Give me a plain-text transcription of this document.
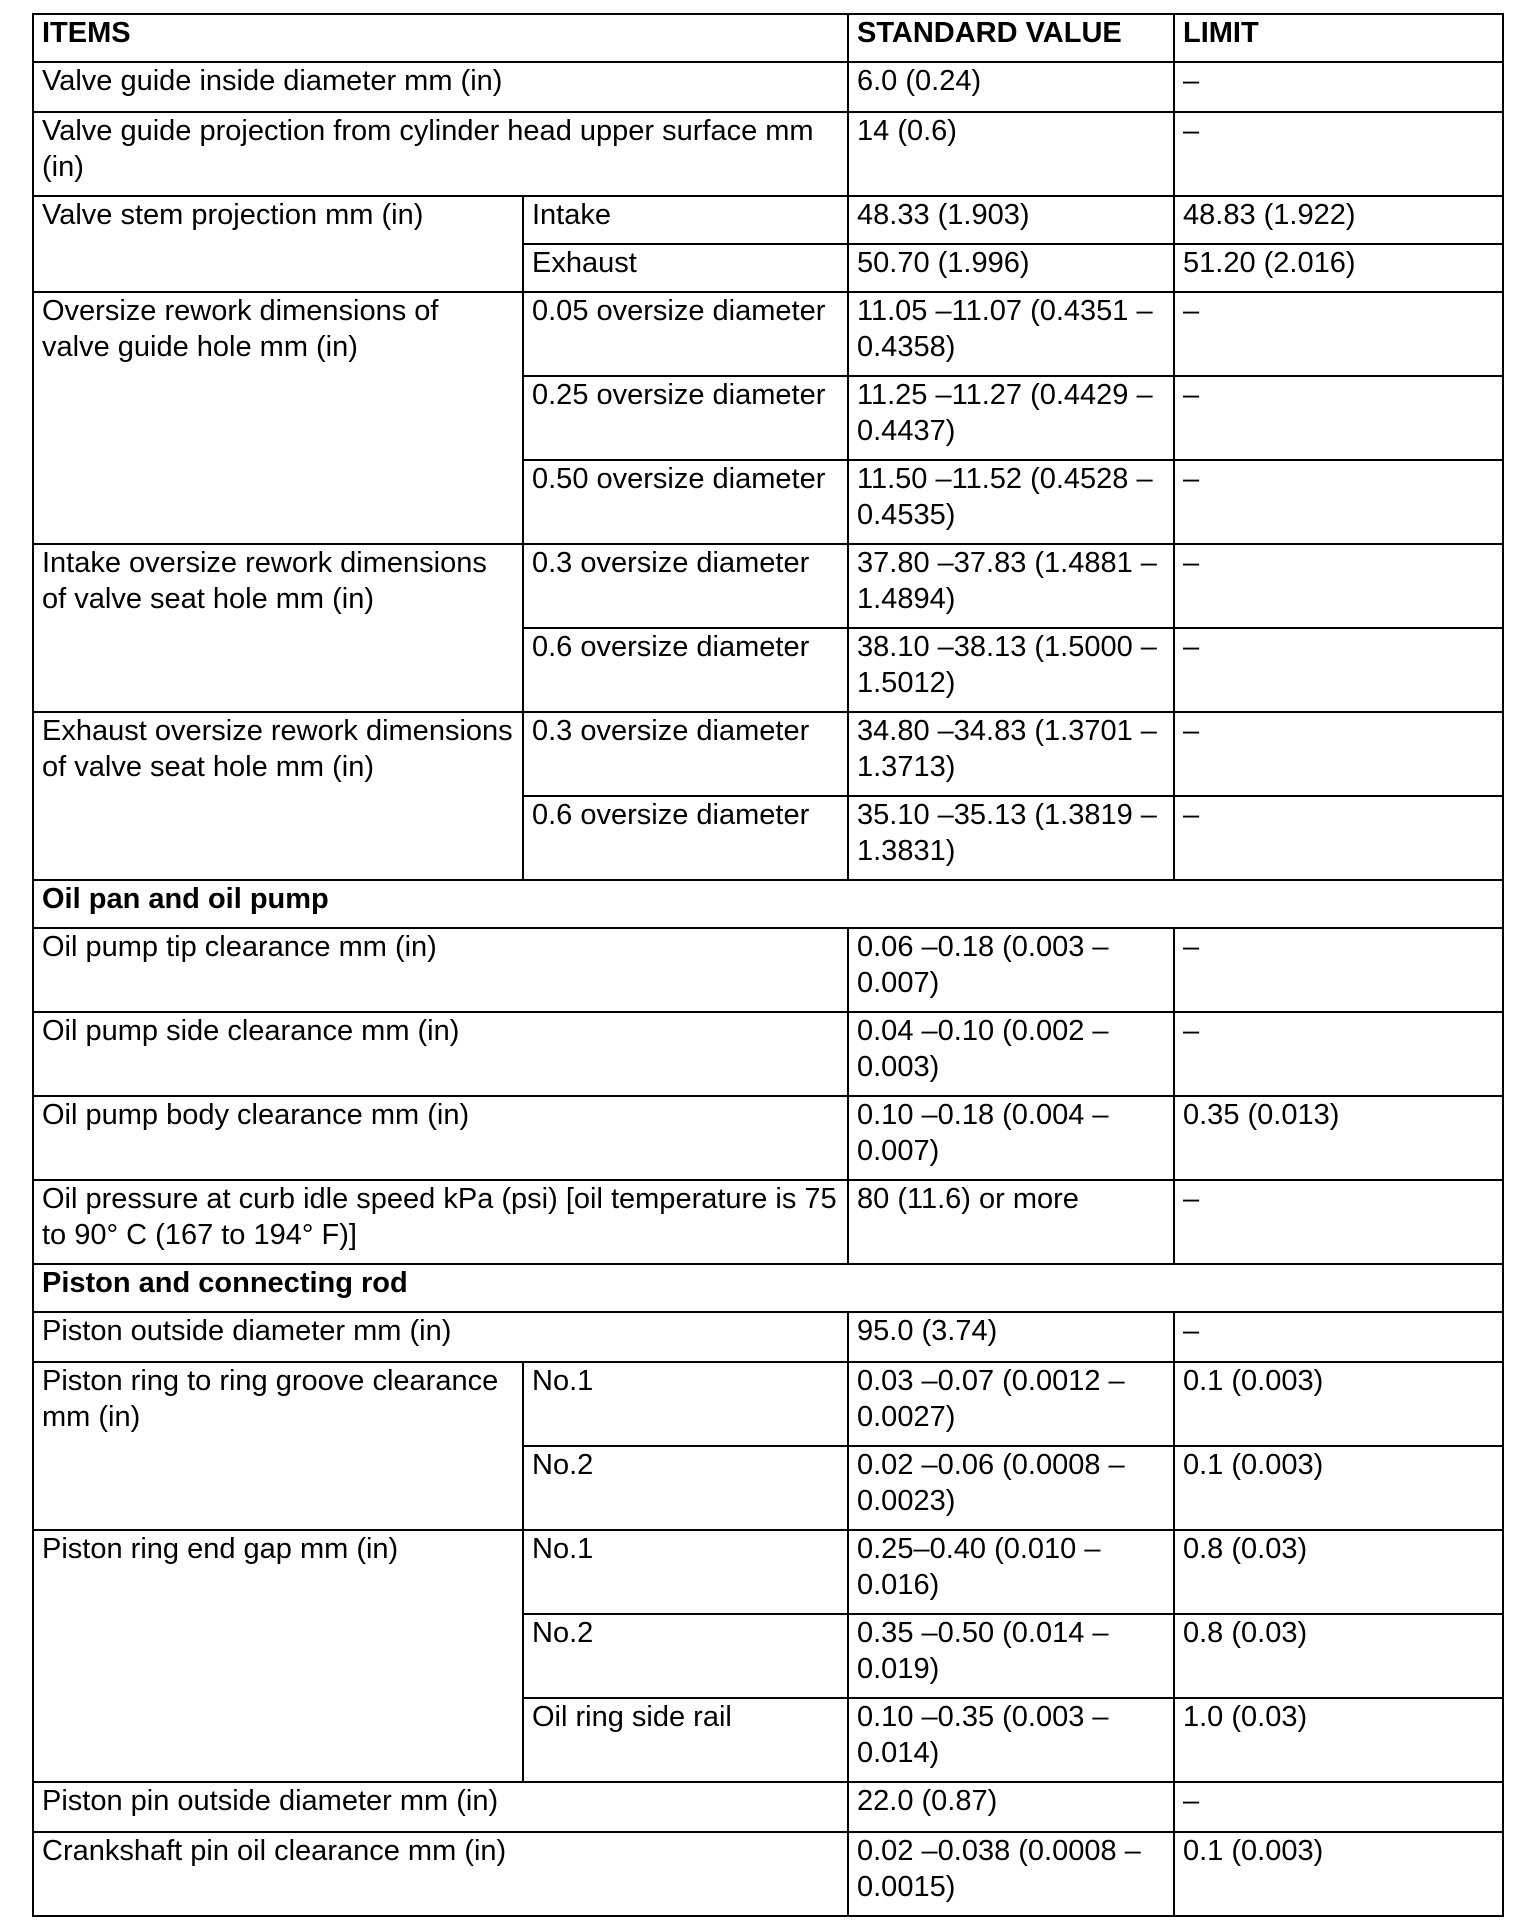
ITEMS		STANDARD VALUE	LIMIT
Valve guide inside diameter mm (in)		6.0 (0.24)	–
Valve guide projection from cylinder head upper surface mm (in)		14 (0.6)	–
Valve stem projection mm (in)	Intake	48.33 (1.903)	48.83 (1.922)
	Exhaust	50.70 (1.996)	51.20 (2.016)
Oversize rework dimensions of valve guide hole mm (in)	0.05 oversize diameter	11.05 –11.07 (0.4351 –0.4358)	–
	0.25 oversize diameter	11.25 –11.27 (0.4429 –0.4437)	–
	0.50 oversize diameter	11.50 –11.52 (0.4528 –0.4535)	–
Intake oversize rework dimensions of valve seat hole mm (in)	0.3 oversize diameter	37.80 –37.83 (1.4881 –1.4894)	–
	0.6 oversize diameter	38.10 –38.13 (1.5000 –1.5012)	–
Exhaust oversize rework dimensions of valve seat hole mm (in)	0.3 oversize diameter	34.80 –34.83 (1.3701 –1.3713)	–
	0.6 oversize diameter	35.10 –35.13 (1.3819 –1.3831)	–
Oil pan and oil pump			
Oil pump tip clearance mm (in)		0.06 –0.18 (0.003 –0.007)	–
Oil pump side clearance mm (in)		0.04 –0.10 (0.002 –0.003)	–
Oil pump body clearance mm (in)		0.10 –0.18 (0.004 –0.007)	0.35 (0.013)
Oil pressure at curb idle speed kPa (psi) [oil temperature is 75 to 90° C (167 to 194° F)]		80 (11.6) or more	–
Piston and connecting rod			
Piston outside diameter mm (in)		95.0 (3.74)	–
Piston ring to ring groove clearance mm (in)	No.1	0.03 –0.07 (0.0012 –0.0027)	0.1 (0.003)
	No.2	0.02 –0.06 (0.0008 –0.0023)	0.1 (0.003)
Piston ring end gap mm (in)	No.1	0.25–0.40 (0.010 –0.016)	0.8 (0.03)
	No.2	0.35 –0.50 (0.014 –0.019)	0.8 (0.03)
	Oil ring side rail	0.10 –0.35 (0.003 –0.014)	1.0 (0.03)
Piston pin outside diameter mm (in)		22.0 (0.87)	–
Crankshaft pin oil clearance mm (in)		0.02 –0.038 (0.0008 –0.0015)	0.1 (0.003)
